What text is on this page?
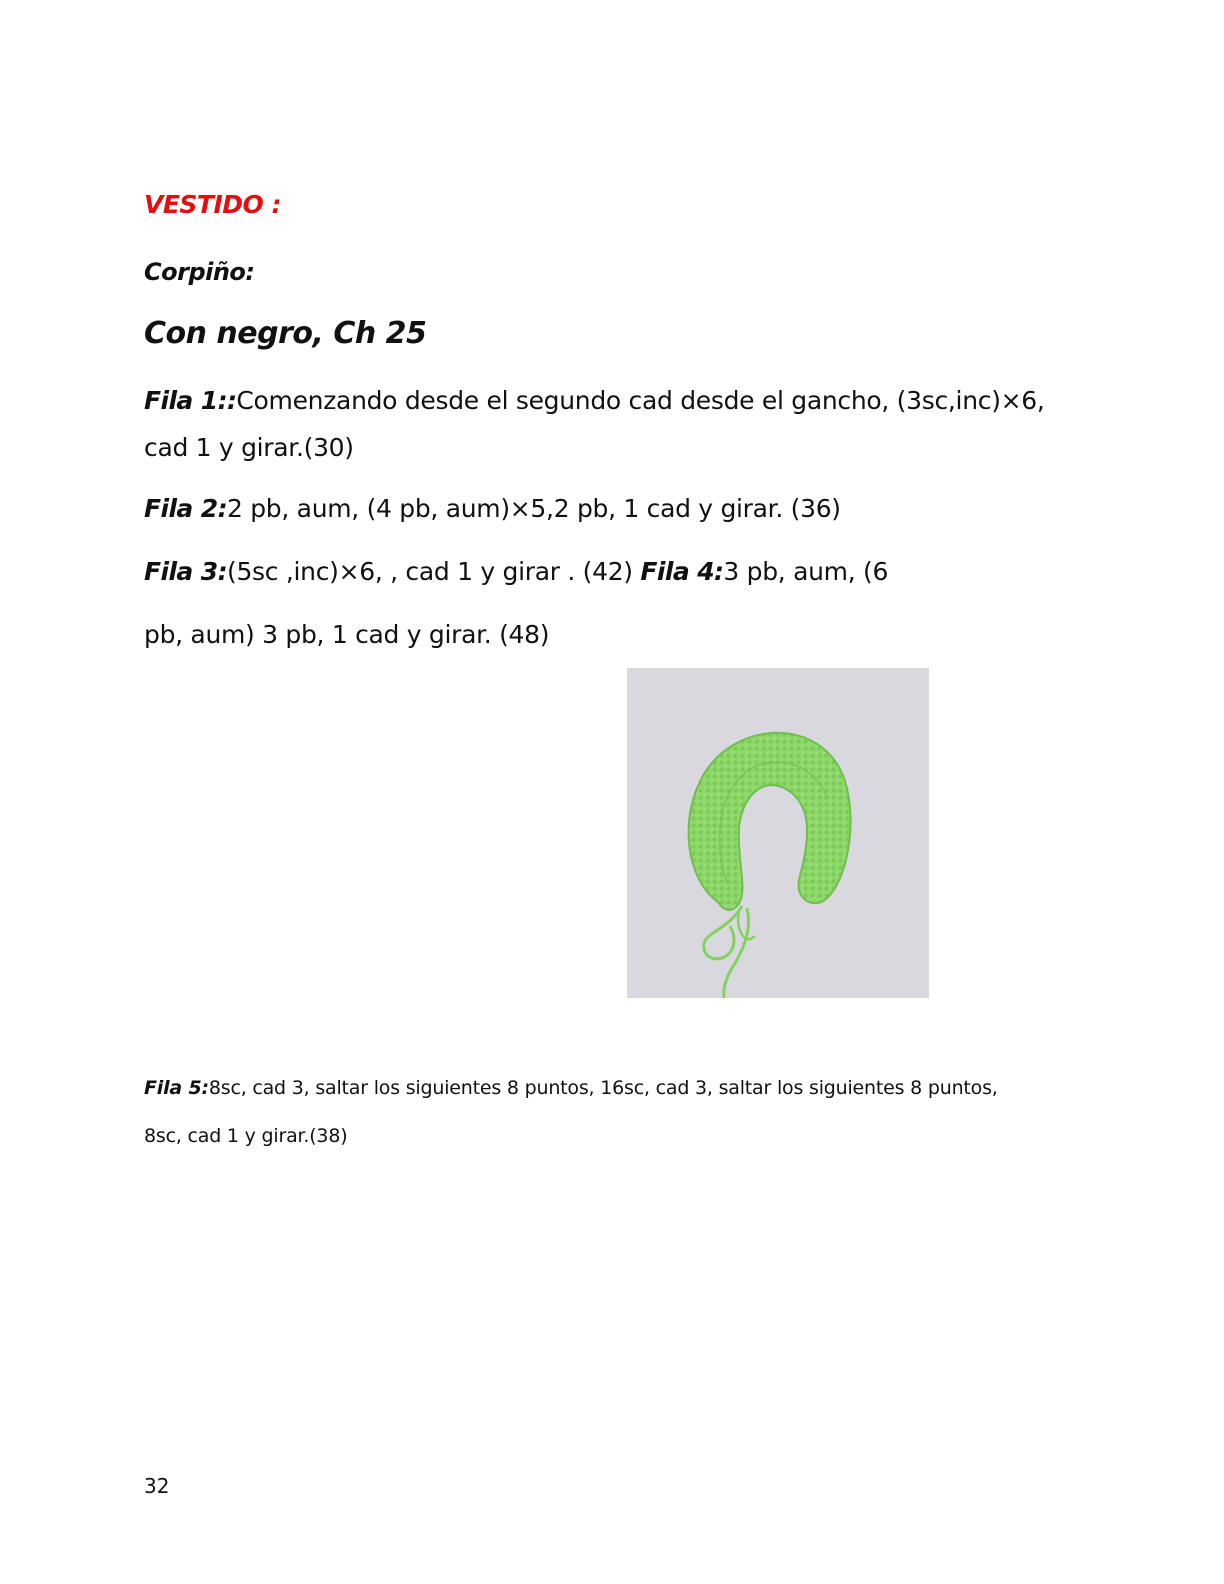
VESTIDO :

Corpiño:

Con negro, Ch 25

Fila 1::Comenzando desde el segundo cad desde el gancho, (3sc,inc)×6,

cad 1 y girar.(30)

Fila 2:2 pb, aum, (4 pb, aum)×5,2 pb, 1 cad y girar. (36)

Fila 3:(5sc ,inc)×6, , cad 1 y girar . (42) Fila 4:3 pb, aum, (6

pb, aum) 3 pb, 1 cad y girar. (48)

Fila 5:8sc, cad 3, saltar los siguientes 8 puntos, 16sc, cad 3, saltar los siguientes 8 puntos,

8sc, cad 1 y girar.(38)

32
